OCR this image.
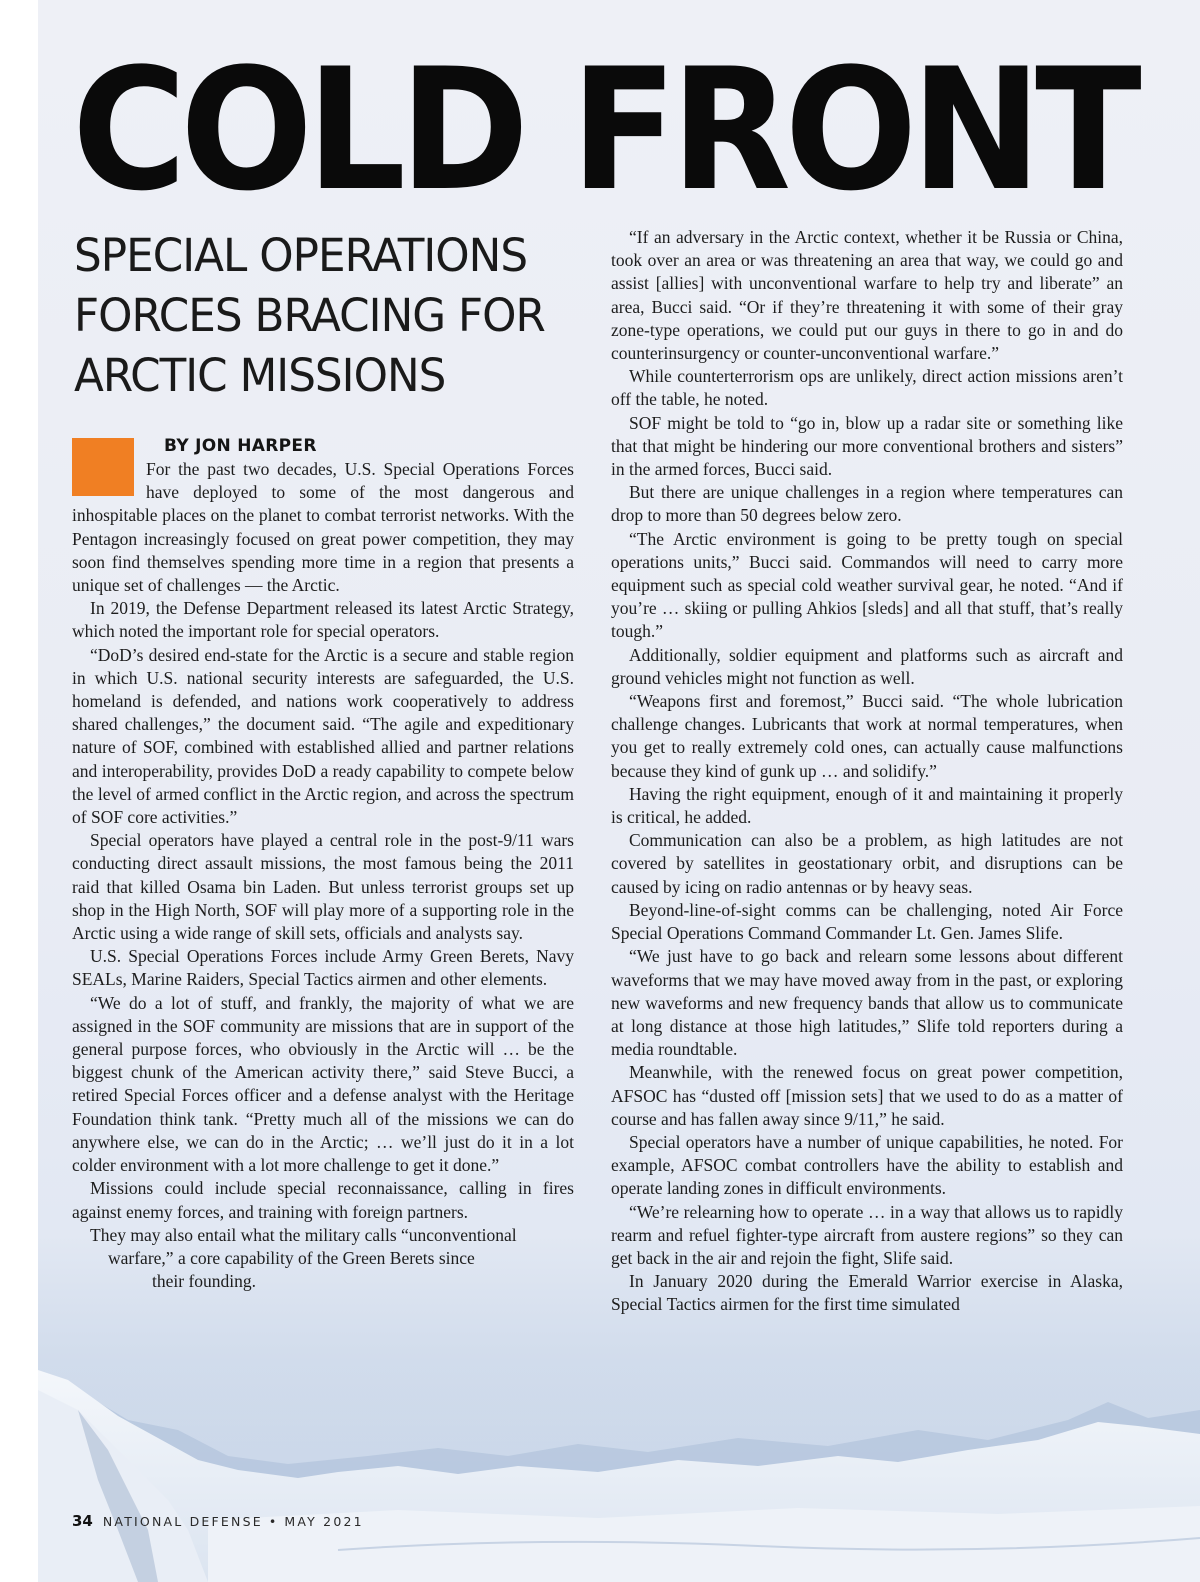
COLD FRONT
SPECIAL OPERATIONS FORCES BRACING FOR ARCTIC MISSIONS

BY JON HARPER

For the past two decades, U.S. Special Operations Forces have deployed to some of the most dangerous and inhospitable places on the planet to combat terrorist networks. With the Pentagon increasingly focused on great power competition, they may soon find themselves spending more time in a region that presents a unique set of challenges — the Arctic.

In 2019, the Defense Department released its latest Arctic Strategy, which noted the important role for special operators.

“DoD’s desired end-state for the Arctic is a secure and stable region in which U.S. national security interests are safeguarded, the U.S. homeland is defended, and nations work cooperatively to address shared challenges,” the document said. “The agile and expeditionary nature of SOF, combined with established allied and partner relations and interoperability, provides DoD a ready capability to compete below the level of armed conflict in the Arctic region, and across the spectrum of SOF core activities.”

Special operators have played a central role in the post-9/11 wars conducting direct assault missions, the most famous being the 2011 raid that killed Osama bin Laden. But unless terrorist groups set up shop in the High North, SOF will play more of a supporting role in the Arctic using a wide range of skill sets, officials and analysts say.

U.S. Special Operations Forces include Army Green Berets, Navy SEALs, Marine Raiders, Special Tactics airmen and other elements.

“We do a lot of stuff, and frankly, the majority of what we are assigned in the SOF community are missions that are in support of the general purpose forces, who obviously in the Arctic will … be the biggest chunk of the American activity there,” said Steve Bucci, a retired Special Forces officer and a defense analyst with the Heritage Foundation think tank. “Pretty much all of the missions we can do anywhere else, we can do in the Arctic; … we’ll just do it in a lot colder environment with a lot more challenge to get it done.”

Missions could include special reconnaissance, calling in fires against enemy forces, and training with foreign partners.

They may also entail what the military calls “unconventional
warfare,” a core capability of the Green Berets since
their founding.

“If an adversary in the Arctic context, whether it be Russia or China, took over an area or was threatening an area that way, we could go and assist [allies] with unconventional warfare to help try and liberate” an area, Bucci said. “Or if they’re threatening it with some of their gray zone-type operations, we could put our guys in there to go in and do counterinsurgency or counter-unconventional warfare.”

While counterterrorism ops are unlikely, direct action missions aren’t off the table, he noted.

SOF might be told to “go in, blow up a radar site or something like that that might be hindering our more conventional brothers and sisters” in the armed forces, Bucci said.

But there are unique challenges in a region where temperatures can drop to more than 50 degrees below zero.

“The Arctic environment is going to be pretty tough on special operations units,” Bucci said. Commandos will need to carry more equipment such as special cold weather survival gear, he noted. “And if you’re … skiing or pulling Ahkios [sleds] and all that stuff, that’s really tough.”

Additionally, soldier equipment and platforms such as aircraft and ground vehicles might not function as well.

“Weapons first and foremost,” Bucci said. “The whole lubrication challenge changes. Lubricants that work at normal temperatures, when you get to really extremely cold ones, can actually cause malfunctions because they kind of gunk up … and solidify.”

Having the right equipment, enough of it and maintaining it properly is critical, he added.

Communication can also be a problem, as high latitudes are not covered by satellites in geostationary orbit, and disruptions can be caused by icing on radio antennas or by heavy seas.

Beyond-line-of-sight comms can be challenging, noted Air Force Special Operations Command Commander Lt. Gen. James Slife.

“We just have to go back and relearn some lessons about different waveforms that we may have moved away from in the past, or exploring new waveforms and new frequency bands that allow us to communicate at long distance at those high latitudes,” Slife told reporters during a media roundtable.

Meanwhile, with the renewed focus on great power competition, AFSOC has “dusted off [mission sets] that we used to do as a matter of course and has fallen away since 9/11,” he said.

Special operators have a number of unique capabilities, he noted. For example, AFSOC combat controllers have the ability to establish and operate landing zones in difficult environments.

“We’re relearning how to operate … in a way that allows us to rapidly rearm and refuel fighter-type aircraft from austere regions” so they can get back in the air and rejoin the fight, Slife said.

In January 2020 during the Emerald Warrior exercise in Alaska, Special Tactics airmen for the first time simulated

34 NATIONAL DEFENSE • MAY 2021
